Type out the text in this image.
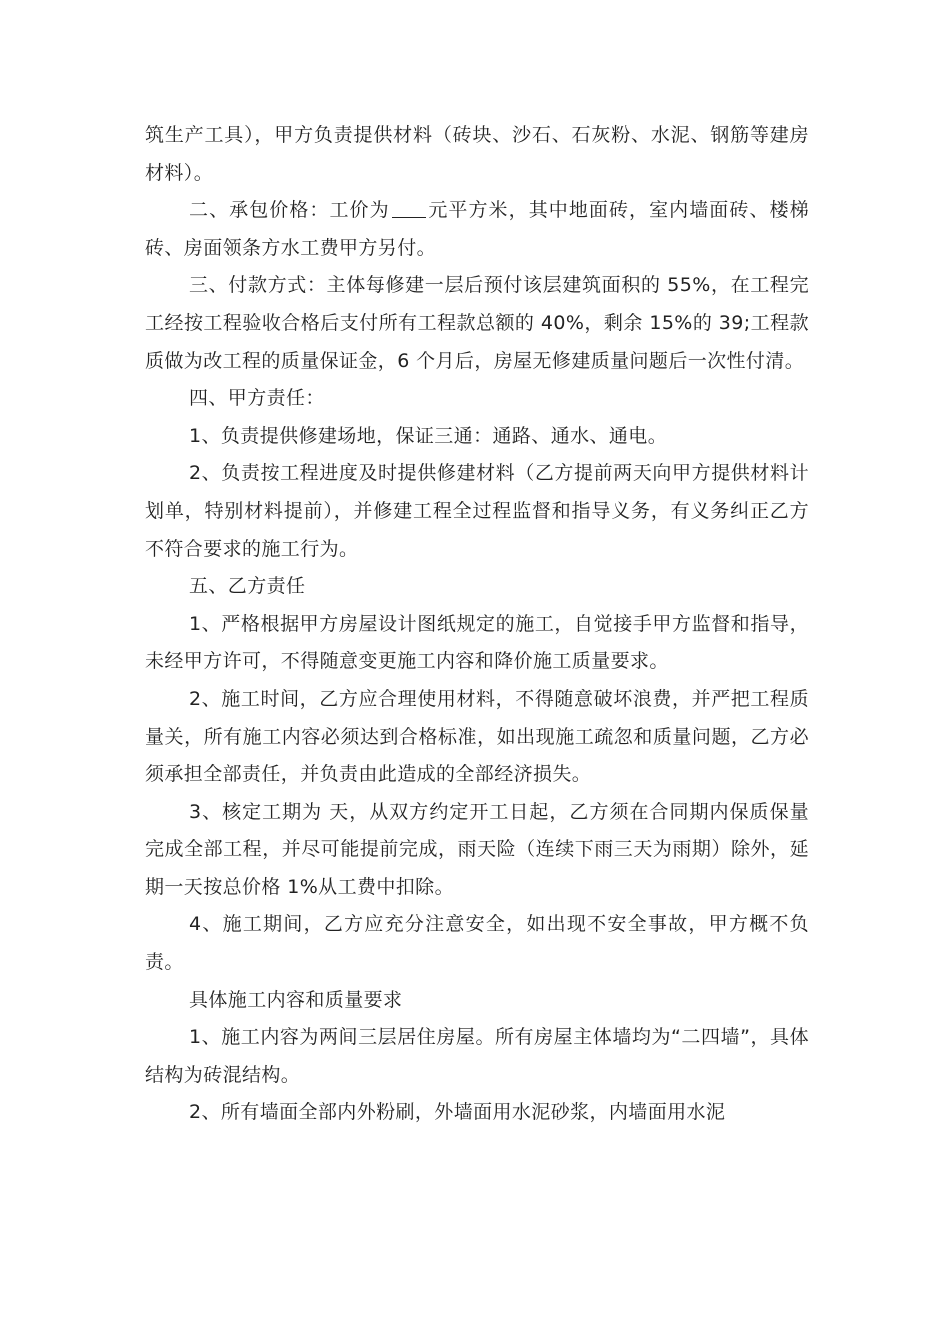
筑生产工具），甲方负责提供材料（砖块、沙石、石灰粉、水泥、钢筋等建房材料）。

二、承包价格：工价为 元平方米，其中地面砖，室内墙面砖、楼梯砖、房面领条方水工费甲方另付。

三、付款方式：主体每修建一层后预付该层建筑面积的 55%，在工程完工经按工程验收合格后支付所有工程款总额的 40%，剩余 15%的 39;工程款质做为改工程的质量保证金，6 个月后，房屋无修建质量问题后一次性付清。

四、甲方责任：

1、负责提供修建场地，保证三通：通路、通水、通电。

2、负责按工程进度及时提供修建材料（乙方提前两天向甲方提供材料计划单，特别材料提前），并修建工程全过程监督和指导义务，有义务纠正乙方不符合要求的施工行为。

五、乙方责任

1、严格根据甲方房屋设计图纸规定的施工，自觉接手甲方监督和指导，未经甲方许可，不得随意变更施工内容和降价施工质量要求。

2、施工时间，乙方应合理使用材料，不得随意破坏浪费，并严把工程质量关，所有施工内容必须达到合格标准，如出现施工疏忽和质量问题，乙方必须承担全部责任，并负责由此造成的全部经济损失。

3、核定工期为 天，从双方约定开工日起，乙方须在合同期内保质保量完成全部工程，并尽可能提前完成，雨天险（连续下雨三天为雨期）除外，延期一天按总价格 1%从工费中扣除。

4、施工期间，乙方应充分注意安全，如出现不安全事故，甲方概不负责。

具体施工内容和质量要求

1、施工内容为两间三层居住房屋。所有房屋主体墙均为“二四墙”，具体结构为砖混结构。

2、所有墙面全部内外粉刷，外墙面用水泥砂浆，内墙面用水泥
